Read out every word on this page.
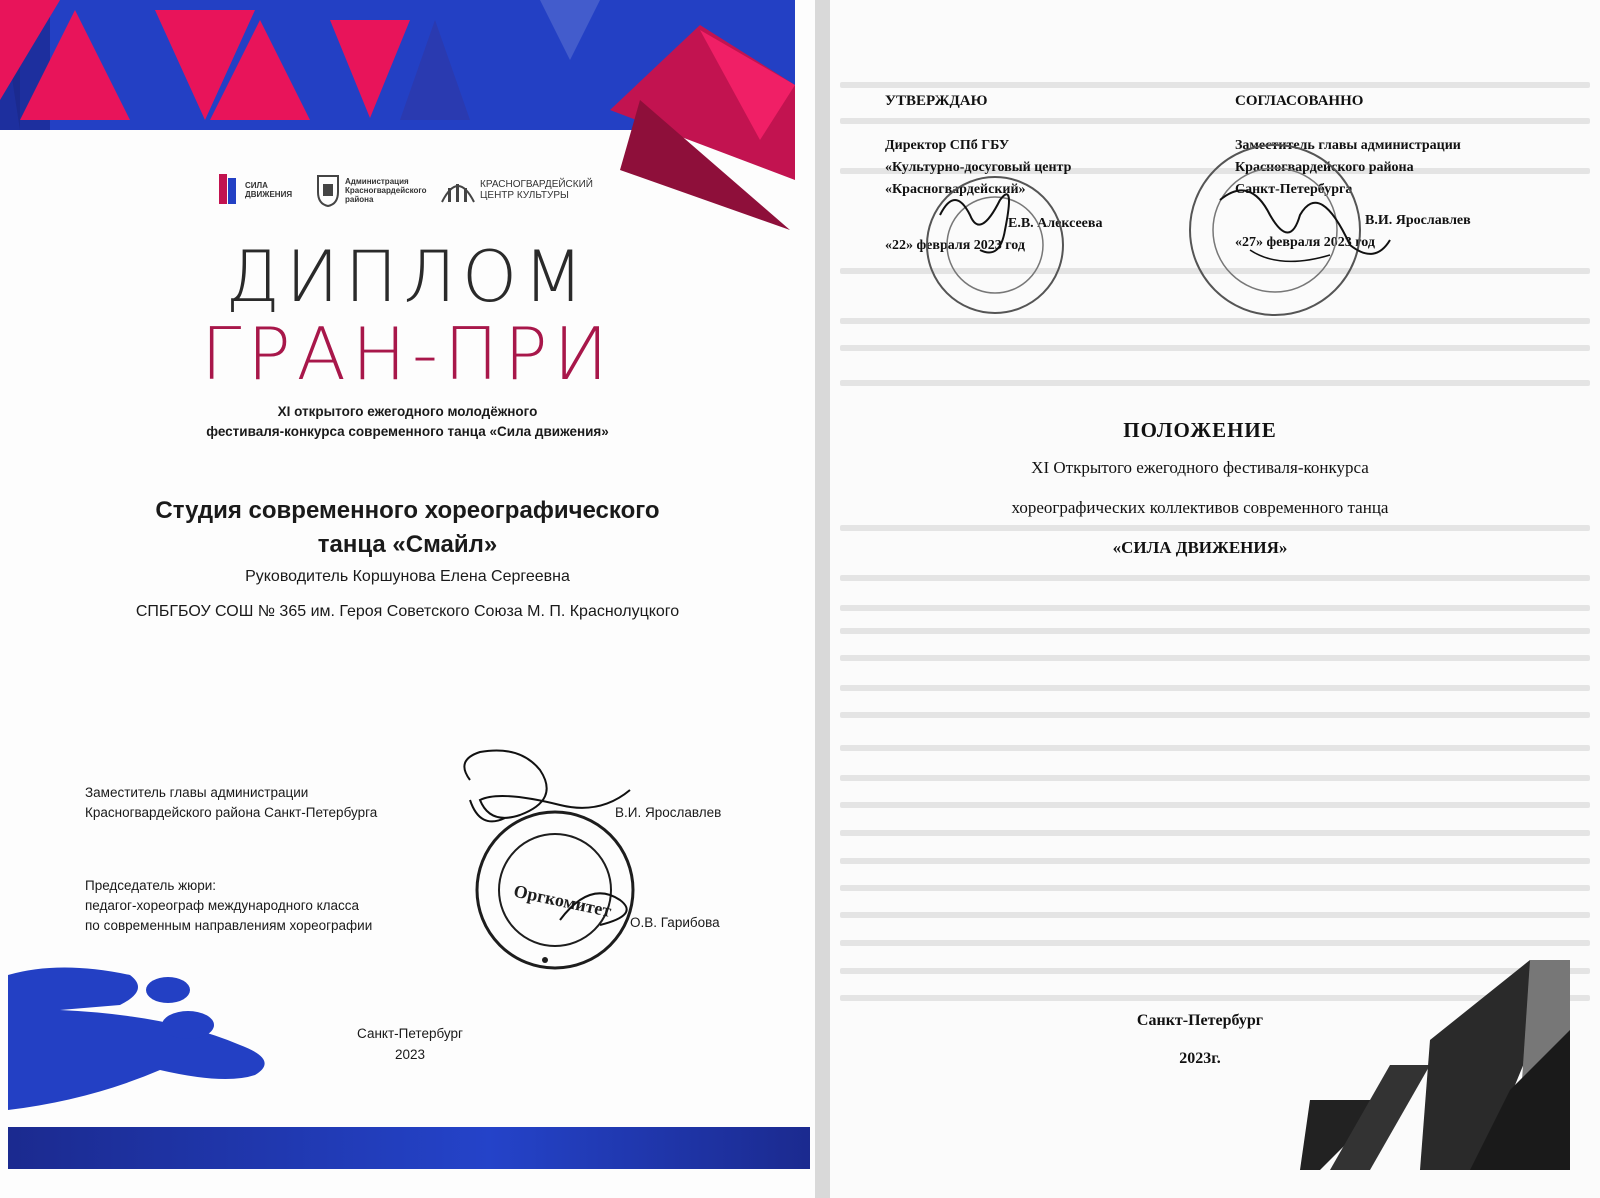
СИЛА ДВИЖЕНИЯ
Администрация Красногвардейского района
КРАСНОГВАРДЕЙСКИЙ ЦЕНТР КУЛЬТУРЫ
ДИПЛОМ
ГРАН-ПРИ
XI открытого ежегодного молодёжного
фестиваля-конкурса современного танца «Сила движения»
Студия современного хореографического
танца «Смайл»
Руководитель Коршунова Елена Сергеевна
СПБГБОУ СОШ № 365 им. Героя Советского Союза М. П. Краснолуцкого
Заместитель главы администрации
Красногвардейского района Санкт-Петербурга	В.И. Ярославлев
Председатель жюри:
педагог-хореограф международного класса
по современным направлениям хореографии	О.В. Гарибова
Оргкомитет
Санкт-Петербург
2023
УТВЕРЖДАЮ
Директор СПб ГБУ
«Культурно-досуговый центр
«Красногвардейский»
Е.В. Алексеева
«22» февраля 2023 год
СОГЛАСОВАННО
Заместитель главы администрации
Красногвардейского района
Санкт-Петербурга
В.И. Ярославлев
«27» февраля 2023 год
ПОЛОЖЕНИЕ
XI Открытого ежегодного фестиваля-конкурса
хореографических коллективов современного танца
«СИЛА ДВИЖЕНИЯ»
Санкт-Петербург
2023г.
